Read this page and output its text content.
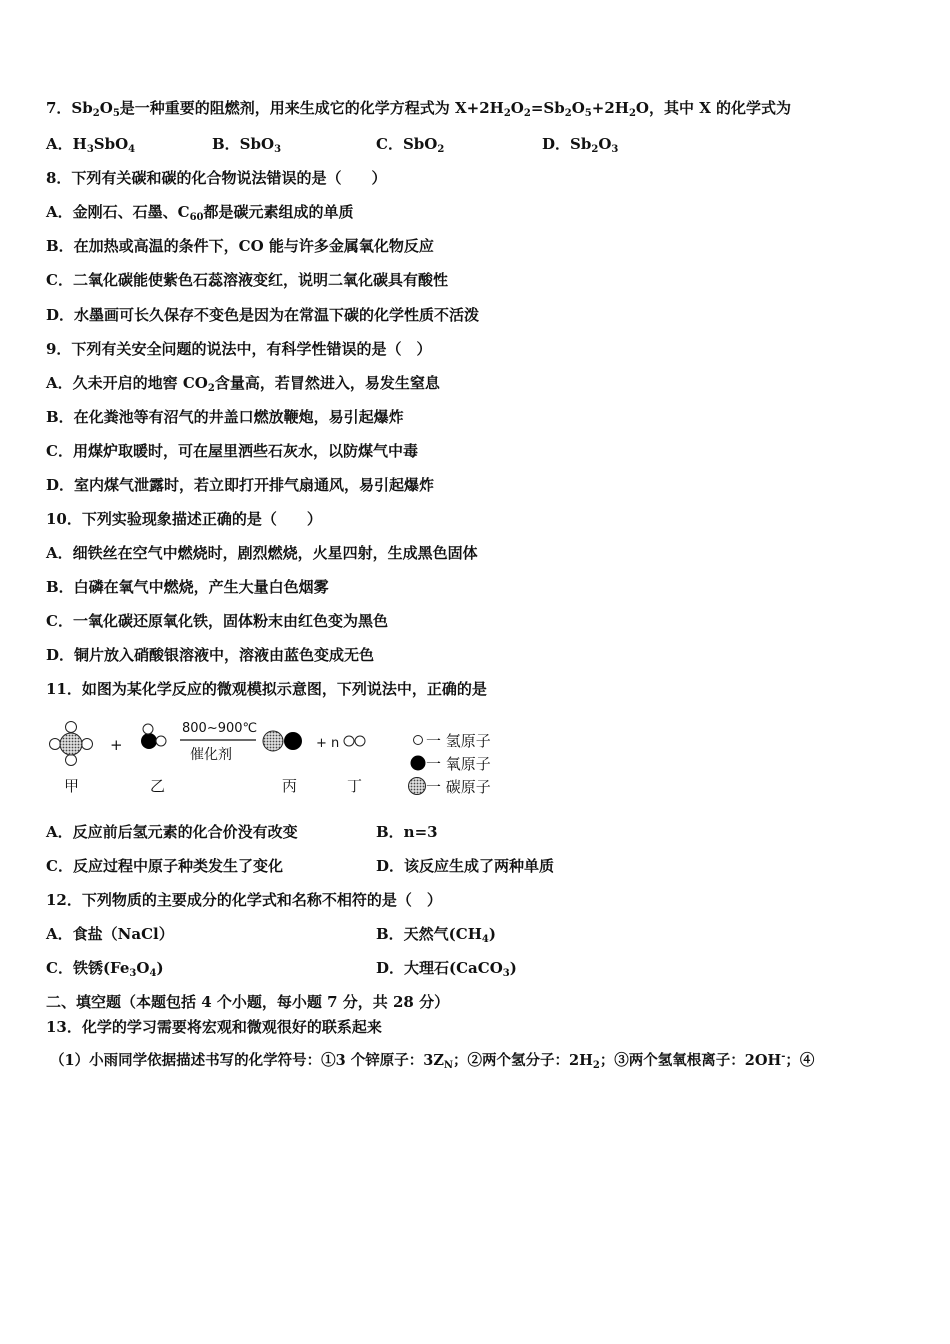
7．$Sb_2O_5$是一种重要的阻燃剂，用来生成它的化学方程式为 $X+2H_2O_2=Sb_2O_5+2H_2O$，其中 X 的化学式为
A．$H_3SbO_4$	B．SbO$_3$	C．SbO$_2$	D．$Sb_2O_3$
8．下列有关碳和碳的化合物说法错误的是（　　）
A．金刚石、石墨、$C_{60}$都是碳元素组成的单质
B．在加热或高温的条件下，CO 能与许多金属氧化物反应
C．二氧化碳能使紫色石蕊溶液变红，说明二氧化碳具有酸性
D．水墨画可长久保存不变色是因为在常温下碳的化学性质不活泼
9．下列有关安全问题的说法中，有科学性错误的是（　）
A．久未开启的地窖 $CO_2$含量高，若冒然进入，易发生窒息
B．在化粪池等有沼气的井盖口燃放鞭炮，易引起爆炸
C．用煤炉取暖时，可在屋里洒些石灰水，以防煤气中毒
D．室内煤气泄露时，若立即打开排气扇通风，易引起爆炸
10．下列实验现象描述正确的是（　　）
A．细铁丝在空气中燃烧时，剧烈燃烧，火星四射，生成黑色固体
B．白磷在氧气中燃烧，产生大量白色烟雾
C．一氧化碳还原氧化铁，固体粉末由红色变为黑色
D．铜片放入硝酸银溶液中，溶液由蓝色变成无色
11．如图为某化学反应的微观模拟示意图，下列说法中，正确的是
+
800~900℃
催化剂
+ n
甲	乙	丙	丁
一 氢原子
一 氧原子
一 碳原子
A．反应前后氢元素的化合价没有改变	B．n=3
C．反应过程中原子种类发生了变化	D．该反应生成了两种单质
12．下列物质的主要成分的化学式和名称不相符的是（　）
A．食盐（NaCl）	B．天然气$(CH_4)$
C．铁锈$(Fe_3O_4)$	D．大理石(CaCO$_3$)
二、填空题（本题包括 4 个小题，每小题 7 分，共 28 分）
13．化学的学习需要将宏观和微观很好的联系起来
（1）小雨同学依据描述书写的化学符号：①3 个锌原子：$3Z_N$；②两个氢分子：$2H_2$；③两个氢氧根离子：2OH-；④
